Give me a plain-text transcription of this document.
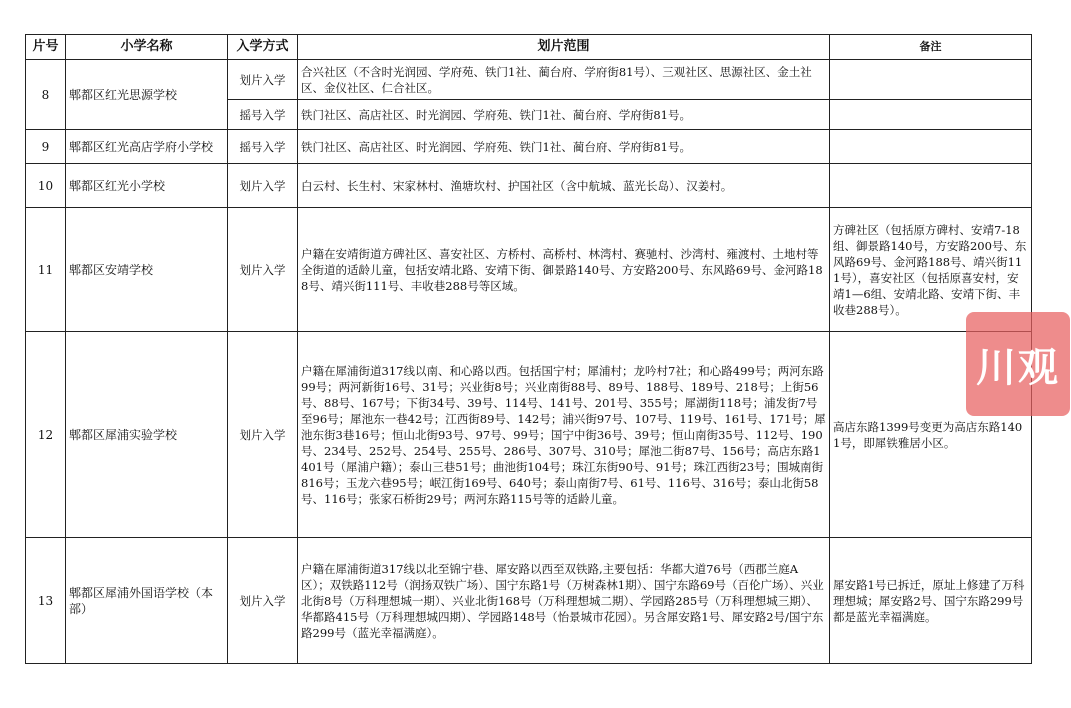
片号	小学名称	入学方式	划片范围	备注
8	郫都区红光思源学校	划片入学	合兴社区（不含时光润园、学府苑、铁门1社、蔺台府、学府街81号）、三观社区、思源社区、金土社区、金仪社区、仁合社区。	
		摇号入学	铁门社区、高店社区、时光润园、学府苑、铁门1社、蔺台府、学府街81号。	
9	郫都区红光高店学府小学校	摇号入学	铁门社区、高店社区、时光润园、学府苑、铁门1社、蔺台府、学府街81号。	
10	郫都区红光小学校	划片入学	白云村、长生村、宋家林村、渔塘坎村、护国社区（含中航城、蓝光长岛）、汉姜村。	
11	郫都区安靖学校	划片入学	户籍在安靖街道方碑社区、喜安社区、方桥村、高桥村、林湾村、赛驰村、沙湾村、雍渡村、土地村等全街道的适龄儿童，包括安靖北路、安靖下街、御景路140号、方安路200号、东风路69号、金河路188号、靖兴街111号、丰收巷288号等区域。	方碑社区（包括原方碑村、安靖7-18组、御景路140号，方安路200号、东风路69号、金河路188号、靖兴街111号），喜安社区（包括原喜安村，安靖1—6组、安靖北路、安靖下街、丰收巷288号）。
12	郫都区犀浦实验学校	划片入学	户籍在犀浦街道317线以南、和心路以西。包括国宁村；犀浦村；龙吟村7社；和心路499号；两河东路99号；两河新街16号、31号；兴业街8号；兴业南街88号、89号、188号、189号、218号；上街56号、88号、167号；下街34号、39号、114号、141号、201号、355号；犀湖街118号；浦发街7号至96号；犀池东一巷42号；江西街89号、142号；浦兴街97号、107号、119号、161号、171号；犀池东街3巷16号；恒山北街93号、97号、99号；国宁中街36号、39号；恒山南街35号、112号、190号、234号、252号、254号、255号、286号、307号、310号；犀池二街87号、156号；高店东路1401号（犀浦户籍）；泰山三巷51号；曲池街104号；珠江东街90号、91号；珠江西街23号；围城南街816号；玉龙六巷95号；岷江街169号、640号；泰山南街7号、61号、116号、316号；泰山北街58号、116号；张家石桥街29号；两河东路115号等的适龄儿童。	高店东路1399号变更为高店东路1401号，即犀铁雅居小区。
13	郫都区犀浦外国语学校（本部）	划片入学	户籍在犀浦街道317线以北至锦宁巷、犀安路以西至双铁路,主要包括：华都大道76号（西郡兰庭A区）；双铁路112号（润扬双铁广场）、国宁东路1号（万树森林1期）、国宁东路69号（百伦广场）、兴业北街8号（万科理想城一期）、兴业北街168号（万科理想城二期）、学园路285号（万科理想城三期）、华都路415号（万科理想城四期）、学园路148号（怡景城市花园）。另含犀安路1号、犀安路2号/国宁东路299号（蓝光幸福满庭）。	犀安路1号已拆迁，原址上修建了万科理想城；犀安路2号、国宁东路299号都是蓝光幸福满庭。
川观
